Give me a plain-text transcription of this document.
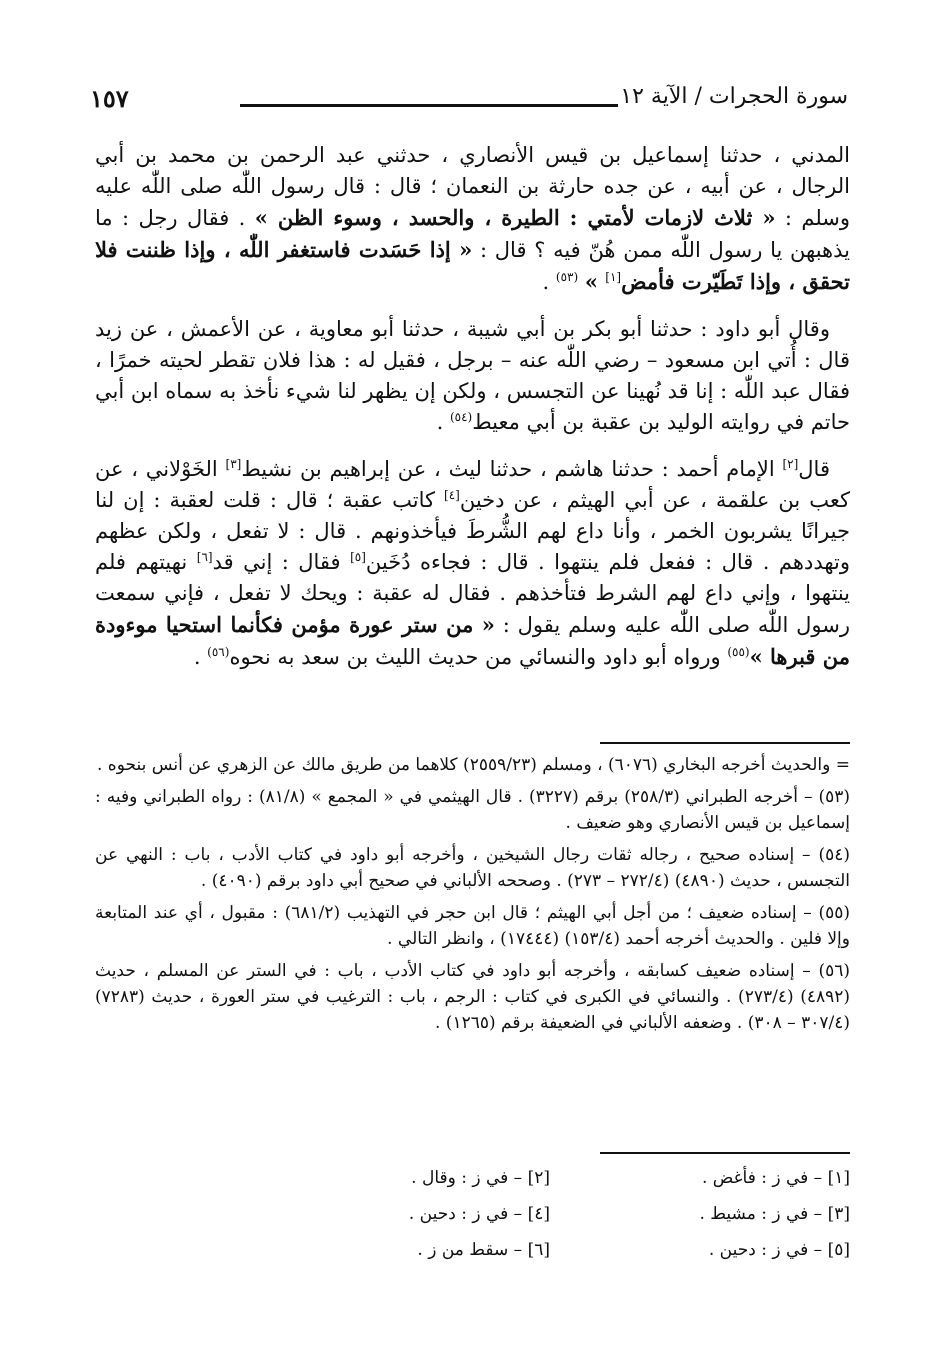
سورة الحجرات / الآية ١٢
١٥٧

المدني ، حدثنا إسماعيل بن قيس الأنصاري ، حدثني عبد الرحمن بن محمد بن أبي الرجال ، عن أبيه ، عن جده حارثة بن النعمان ؛ قال : قال رسول اللّٰه صلى اللّٰه عليه وسلم : « ثلاث لازمات لأمتي : الطيرة ، والحسد ، وسوء الظن » . فقال رجل : ما يذهبهن يا رسول اللّٰه ممن هُنّ فيه ؟ قال : « إذا حَسَدت فاستغفر اللّٰه ، وإذا ظننت فلا تحقق ، وإذا تَطَيّرت فأمض[١] » $^{(٥٣)}$ .

وقال أبو داود : حدثنا أبو بكر بن أبي شيبة ، حدثنا أبو معاوية ، عن الأعمش ، عن زيد قال : أُتي ابن مسعود – رضي اللّٰه عنه – برجل ، فقيل له : هذا فلان تقطر لحيته خمرًا ، فقال عبد اللّٰه : إنا قد نُهينا عن التجسس ، ولكن إن يظهر لنا شيء نأخذ به سماه ابن أبي حاتم في روايته الوليد بن عقبة بن أبي معيط$^{(٥٤)}$ .

قال[٢] الإمام أحمد : حدثنا هاشم ، حدثنا ليث ، عن إبراهيم بن نشيط[٣] الخَوْلاني ، عن كعب بن علقمة ، عن أبي الهيثم ، عن دخين[٤] كاتب عقبة ؛ قال : قلت لعقبة : إن لنا جيرانًا يشربون الخمر ، وأنا داع لهم الشُّرطَ فيأخذونهم . قال : لا تفعل ، ولكن عظهم وتهددهم . قال : ففعل فلم ينتهوا . قال : فجاءه دُخَين[٥] فقال : إني قد[٦] نهيتهم فلم ينتهوا ، وإني داع لهم الشرط فتأخذهم . فقال له عقبة : ويحك لا تفعل ، فإني سمعت رسول اللّٰه صلى اللّٰه عليه وسلم يقول : « من ستر عورة مؤمن فكأنما استحيا موءودة من قبرها »$^{(٥٥)}$ ورواه أبو داود والنسائي من حديث الليث بن سعد به نحوه$^{(٥٦)}$ .

= والحديث أخرجه البخاري (٦٠٧٦) ، ومسلم (٢٥٥٩/٢٣) كلاهما من طريق مالك عن الزهري عن أنس بنحوه .

(٥٣) – أخرجه الطبراني (٢٥٨/٣) برقم (٣٢٢٧) . قال الهيثمي في « المجمع » (٨١/٨) : رواه الطبراني وفيه : إسماعيل بن قيس الأنصاري وهو ضعيف .

(٥٤) – إسناده صحيح ، رجاله ثقات رجال الشيخين ، وأخرجه أبو داود في كتاب الأدب ، باب : النهي عن التجسس ، حديث (٤٨٩٠) (٢٧٢/٤ – ٢٧٣) . وصححه الألباني في صحيح أبي داود برقم (٤٠٩٠) .

(٥٥) – إسناده ضعيف ؛ من أجل أبي الهيثم ؛ قال ابن حجر في التهذيب (٦٨١/٢) : مقبول ، أي عند المتابعة وإلا فلين . والحديث أخرجه أحمد (١٥٣/٤) (١٧٤٤٤) ، وانظر التالي .

(٥٦) – إسناده ضعيف كسابقه ، وأخرجه أبو داود في كتاب الأدب ، باب : في الستر عن المسلم ، حديث (٤٨٩٢) (٢٧٣/٤) . والنسائي في الكبرى في كتاب : الرجم ، باب : الترغيب في ستر العورة ، حديث (٧٢٨٣) (٣٠٧/٤ – ٣٠٨) . وضعفه الألباني في الضعيفة برقم (١٢٦٥) .

[١] – في ز : فأغض .
[٢] – في ز : وقال .
[٣] – في ز : مشيط .
[٤] – في ز : دحين .
[٥] – في ز : دحين .
[٦] – سقط من ز .
